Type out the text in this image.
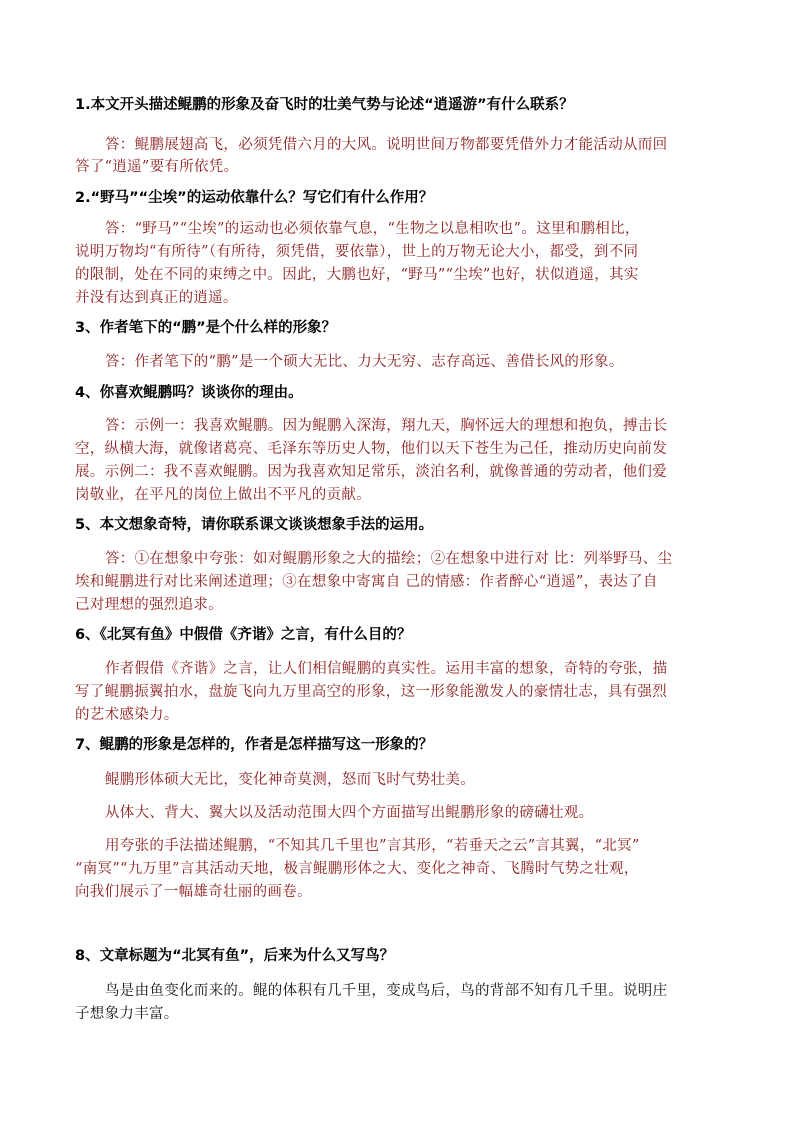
1.本文开头描述鲲鹏的形象及奋飞时的壮美气势与论述“逍遥游”有什么联系？
答：鲲鹏展翅高飞，必须凭借六月的大风。说明世间万物都要凭借外力才能活动从而回
答了“逍遥”要有所依凭。
2.“野马”“尘埃”的运动依靠什么？写它们有什么作用？
答：“野马”“尘埃”的运动也必须依靠气息，“生物之以息相吹也”。这里和鹏相比，
说明万物均“有所待”（有所待，须凭借，要依靠），世上的万物无论大小，都受，到不同
的限制，处在不同的束缚之中。因此，大鹏也好，“野马”“尘埃”也好，状似逍遥，其实
并没有达到真正的逍遥。
3、作者笔下的“鹏”是个什么样的形象？
答：作者笔下的“鹏”是一个硕大无比、力大无穷、志存高远、善借长风的形象。
4、你喜欢鲲鹏吗？谈谈你的理由。
答：示例一：我喜欢鲲鹏。因为鲲鹏入深海，翔九天，胸怀远大的理想和抱负，搏击长
空，纵横大海，就像诸葛亮、毛泽东等历史人物，他们以天下苍生为己任，推动历史向前发
展。示例二：我不喜欢鲲鹏。因为我喜欢知足常乐，淡泊名利，就像普通的劳动者，他们爱
岗敬业，在平凡的岗位上做出不平凡的贡献。
5、本文想象奇特，请你联系课文谈谈想象手法的运用。
答：①在想象中夸张：如对鲲鹏形象之大的描绘；②在想象中进行对 比：列举野马、尘
埃和鲲鹏进行对比来阐述道理；③在想象中寄寓自 己的情感：作者醉心“逍遥”，表达了自
己对理想的强烈追求。
6、《北冥有鱼》中假借《齐谐》之言，有什么目的？
作者假借《齐谐》之言，让人们相信鲲鹏的真实性。运用丰富的想象，奇特的夸张，描
写了鲲鹏振翼拍水，盘旋飞向九万里高空的形象，这一形象能激发人的豪情壮志，具有强烈
的艺术感染力。
7、鲲鹏的形象是怎样的，作者是怎样描写这一形象的？
鲲鹏形体硕大无比，变化神奇莫测，怒而飞时气势壮美。
从体大、背大、翼大以及活动范围大四个方面描写出鲲鹏形象的磅礴壮观。
用夸张的手法描述鲲鹏，“不知其几千里也”言其形，“若垂天之云”言其翼，“北冥”
“南冥”“九万里”言其活动天地，极言鲲鹏形体之大、变化之神奇、飞腾时气势之壮观，
向我们展示了一幅雄奇壮丽的画卷。
8、文章标题为“北冥有鱼”，后来为什么又写鸟？
鸟是由鱼变化而来的。鲲的体积有几千里，变成鸟后，鸟的背部不知有几千里。说明庄
子想象力丰富。
